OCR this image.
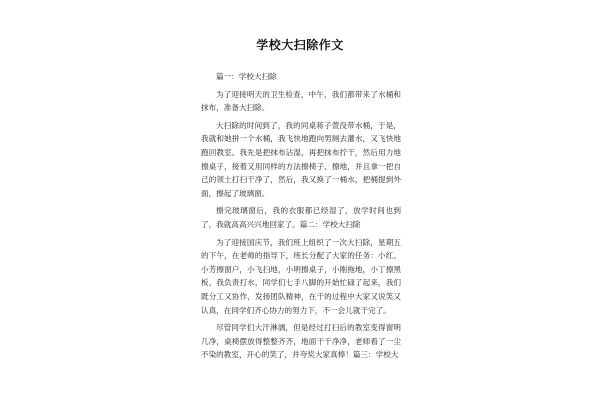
学校大扫除作文

篇一：学校大扫除

为了迎接明天的卫生检查，中午，我们都带来了水桶和抹布，准备大扫除。

大扫除的时间到了，我的同桌蒋子萱没带水桶，于是，我就和她拼一个水桶，我飞快地跑向男厕去灌水，又飞快地跑回教室。我先是把抹布沾湿，再把抹布拧干，然后用力地擦桌子，接着又用同样的方法擦椅子、擦地，并且拿一把自己的领土打扫干净了，然后，我又换了一桶水，把桶提到外面，擦起了玻璃窗。

擦完玻璃窗后，我的衣服都已经湿了，放学时间也到了，我就高高兴兴地回家了。篇二：学校大扫除

为了迎接国庆节，我们班上组织了一次大扫除，星期五的下午，在老师的指导下，班长分配了大家的任务：小红、小芳擦窗户，小飞扫地，小明擦桌子，小刚拖地，小丁擦黑板，我负责打水，同学们七手八脚的开始忙碌了起来，我们既分工又协作，发扬团队精神，在干的过程中大家又说笑又认真，在同学们齐心协力的努力下，不一会儿就干完了。

尽管同学们大汗淋漓，但是经过打扫后的教室变得窗明几净，桌椅摆放得整整齐齐，地面干干净净，老师看了一尘不染的教室，开心的笑了，并夸奖大家真棒！篇三：学校大
